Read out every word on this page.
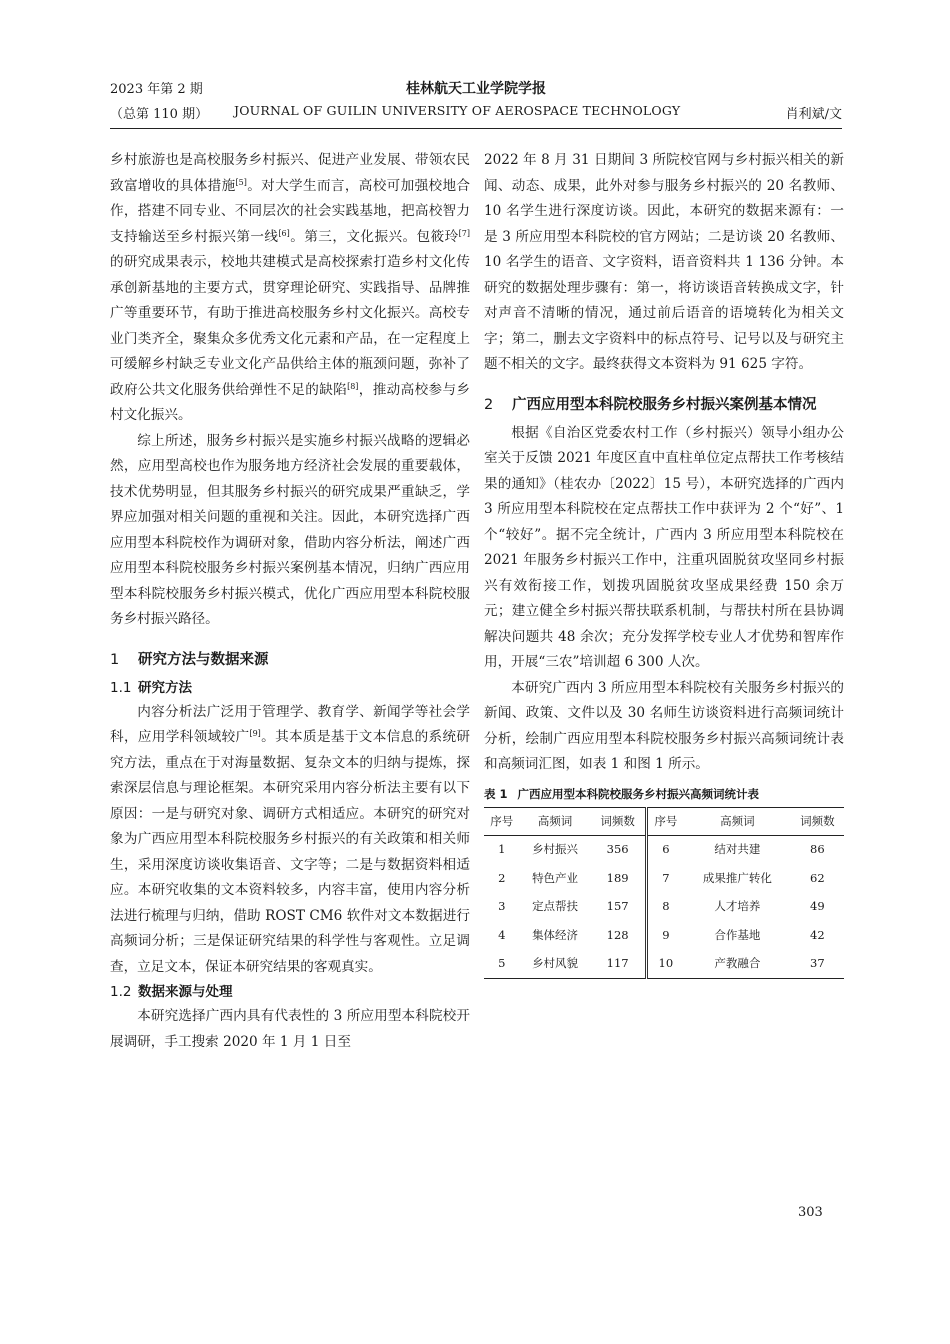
2023 年第 2 期
（总第 110 期）
桂林航天工业学院学报
JOURNAL OF GUILIN UNIVERSITY OF AEROSPACE TECHNOLOGY	肖利斌/文

乡村旅游也是高校服务乡村振兴、促进产业发展、带领农民致富增收的具体措施[5]。对大学生而言，高校可加强校地合作，搭建不同专业、不同层次的社会实践基地，把高校智力支持输送至乡村振兴第一线[6]。第三，文化振兴。包筱玲[7]的研究成果表示，校地共建模式是高校探索打造乡村文化传承创新基地的主要方式，贯穿理论研究、实践指导、品牌推广等重要环节，有助于推进高校服务乡村文化振兴。高校专业门类齐全，聚集众多优秀文化元素和产品，在一定程度上可缓解乡村缺乏专业文化产品供给主体的瓶颈问题，弥补了政府公共文化服务供给弹性不足的缺陷[8]，推动高校参与乡村文化振兴。

综上所述，服务乡村振兴是实施乡村振兴战略的逻辑必然，应用型高校也作为服务地方经济社会发展的重要载体，技术优势明显，但其服务乡村振兴的研究成果严重缺乏，学界应加强对相关问题的重视和关注。因此，本研究选择广西应用型本科院校作为调研对象，借助内容分析法，阐述广西应用型本科院校服务乡村振兴案例基本情况，归纳广西应用型本科院校服务乡村振兴模式，优化广西应用型本科院校服务乡村振兴路径。

1 研究方法与数据来源
1.1 研究方法

内容分析法广泛用于管理学、教育学、新闻学等社会学科，应用学科领域较广[9]。其本质是基于文本信息的系统研究方法，重点在于对海量数据、复杂文本的归纳与提炼，探索深层信息与理论框架。本研究采用内容分析法主要有以下原因：一是与研究对象、调研方式相适应。本研究的研究对象为广西应用型本科院校服务乡村振兴的有关政策和相关师生，采用深度访谈收集语音、文字等；二是与数据资料相适应。本研究收集的文本资料较多，内容丰富，使用内容分析法进行梳理与归纳，借助 ROST CM6 软件对文本数据进行高频词分析；三是保证研究结果的科学性与客观性。立足调查，立足文本，保证本研究结果的客观真实。

1.2 数据来源与处理

本研究选择广西内具有代表性的 3 所应用型本科院校开展调研，手工搜索 2020 年 1 月 1 日至

2022 年 8 月 31 日期间 3 所院校官网与乡村振兴相关的新闻、动态、成果，此外对参与服务乡村振兴的 20 名教师、10 名学生进行深度访谈。因此，本研究的数据来源有：一是 3 所应用型本科院校的官方网站；二是访谈 20 名教师、10 名学生的语音、文字资料，语音资料共 1 136 分钟。本研究的数据处理步骤有：第一，将访谈语音转换成文字，针对声音不清晰的情况，通过前后语音的语境转化为相关文字；第二，删去文字资料中的标点符号、记号以及与研究主题不相关的文字。最终获得文本资料为 91 625 字符。

2 广西应用型本科院校服务乡村振兴案例基本情况

根据《自治区党委农村工作（乡村振兴）领导小组办公室关于反馈 2021 年度区直中直柱单位定点帮扶工作考核结果的通知》（桂农办〔2022〕15 号），本研究选择的广西内 3 所应用型本科院校在定点帮扶工作中获评为 2 个“好”、1 个“较好”。据不完全统计，广西内 3 所应用型本科院校在 2021 年服务乡村振兴工作中，注重巩固脱贫攻坚同乡村振兴有效衔接工作，划拨巩固脱贫攻坚成果经费 150 余万元；建立健全乡村振兴帮扶联系机制，与帮扶村所在县协调解决问题共 48 余次；充分发挥学校专业人才优势和智库作用，开展“三农”培训超 6 300 人次。

本研究广西内 3 所应用型本科院校有关服务乡村振兴的新闻、政策、文件以及 30 名师生访谈资料进行高频词统计分析，绘制广西应用型本科院校服务乡村振兴高频词统计表和高频词汇图，如表 1 和图 1 所示。

表 1 广西应用型本科院校服务乡村振兴高频词统计表
序号	高频词	词频数	序号	高频词	词频数
1	乡村振兴	356	6	结对共建	86
2	特色产业	189	7	成果推广转化	62
3	定点帮扶	157	8	人才培养	49
4	集体经济	128	9	合作基地	42
5	乡村风貌	117	10	产教融合	37
303
